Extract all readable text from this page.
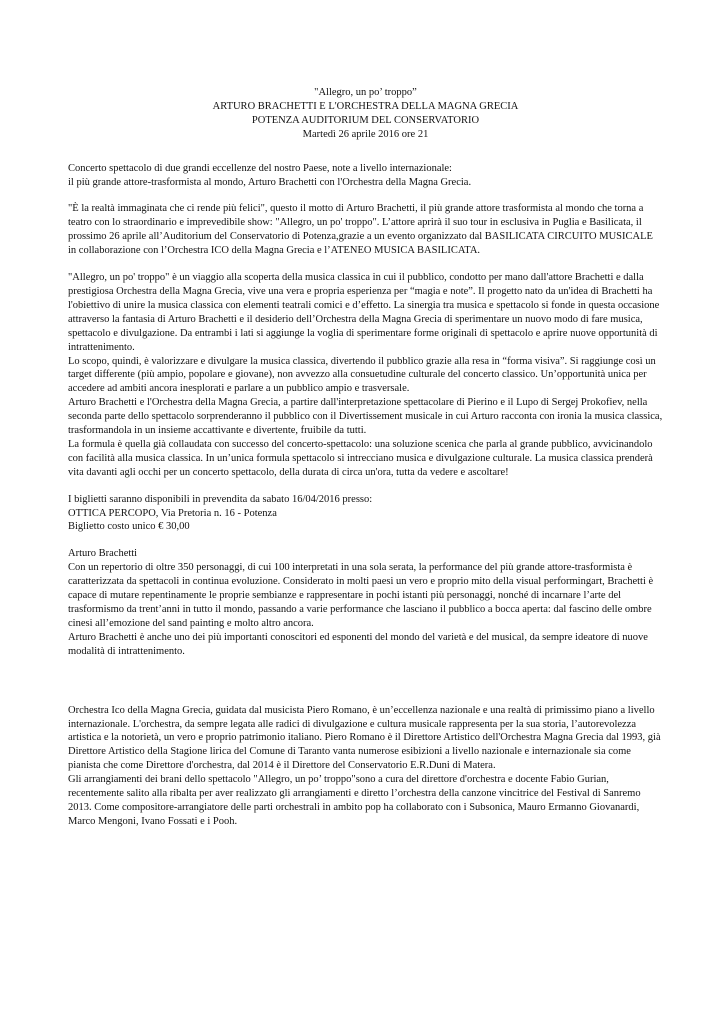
"Allegro, un po’ troppo”
ARTURO BRACHETTI E L'ORCHESTRA DELLA MAGNA GRECIA
POTENZA AUDITORIUM DEL CONSERVATORIO
Martedì 26 aprile 2016 ore 21
Concerto spettacolo di due grandi eccellenze del nostro Paese, note a livello internazionale:
il più grande attore-trasformista al mondo, Arturo Brachetti con l'Orchestra della Magna Grecia.
"È la realtà immaginata che ci rende più felici", questo il motto di Arturo Brachetti, il più grande attore trasformista al mondo che torna a
teatro con lo straordinario e imprevedibile show: "Allegro, un po' troppo". L’attore aprirà il suo tour in esclusiva in Puglia e Basilicata, il
prossimo 26 aprile all’Auditorium del Conservatorio di Potenza,grazie a un evento organizzato dal BASILICATA CIRCUITO MUSICALE
in collaborazione con l’Orchestra ICO della Magna Grecia e l’ATENEO MUSICA BASILICATA.
"Allegro, un po' troppo" è un viaggio alla scoperta della musica classica in cui il pubblico, condotto per mano dall'attore Brachetti e dalla
prestigiosa Orchestra della Magna Grecia, vive una vera e propria esperienza per “magia e note”. Il progetto nato da un'idea di Brachetti ha
l'obiettivo di unire la musica classica con elementi teatrali comici e d’effetto. La sinergia tra musica e spettacolo si fonde in questa occasione
attraverso la fantasia di Arturo Brachetti e il desiderio dell’Orchestra della Magna Grecia di sperimentare un nuovo modo di fare musica,
spettacolo e divulgazione. Da entrambi i lati si aggiunge la voglia di sperimentare forme originali di spettacolo e aprire nuove opportunità di
intrattenimento.
Lo scopo, quindi, è valorizzare e divulgare la musica classica, divertendo il pubblico grazie alla resa in “forma visiva”. Si raggiunge così un
target differente (più ampio, popolare e giovane), non avvezzo alla consuetudine culturale del concerto classico. Un’opportunità unica per
accedere ad ambiti ancora inesplorati e parlare a un pubblico ampio e trasversale.
Arturo Brachetti e l'Orchestra della Magna Grecia, a partire dall'interpretazione spettacolare di Pierino e il Lupo di Sergej Prokofiev, nella
seconda parte dello spettacolo sorprenderanno il pubblico con il Divertissement musicale in cui Arturo racconta con ironia la musica classica,
trasformandola in un insieme accattivante e divertente, fruibile da tutti.
La formula è quella già collaudata con successo del concerto-spettacolo: una soluzione scenica che parla al grande pubblico, avvicinandolo
con facilità alla musica classica. In un’unica formula spettacolo si intrecciano musica e divulgazione culturale. La musica classica prenderà
vita davanti agli occhi per un concerto spettacolo, della durata di circa un'ora, tutta da vedere e ascoltare!
I biglietti saranno disponibili in prevendita da sabato 16/04/2016 presso:
OTTICA PERCOPO, Via Pretoria n. 16 - Potenza
Biglietto costo unico € 30,00
Arturo Brachetti
Con un repertorio di oltre 350 personaggi, di cui 100 interpretati in una sola serata, la performance del più grande attore-trasformista è
caratterizzata da spettacoli in continua evoluzione. Considerato in molti paesi un vero e proprio mito della visual performingart, Brachetti è
capace di mutare repentinamente le proprie sembianze e rappresentare in pochi istanti più personaggi, nonché di incarnare l’arte del
trasformismo da trent’anni in tutto il mondo, passando a varie performance che lasciano il pubblico a bocca aperta: dal fascino delle ombre
cinesi all’emozione del sand painting e molto altro ancora.
Arturo Brachetti è anche uno dei più importanti conoscitori ed esponenti del mondo del varietà e del musical, da sempre ideatore di nuove
modalità di intrattenimento.
Orchestra Ico della Magna Grecia, guidata dal musicista Piero Romano, è un’eccellenza nazionale e una realtà di primissimo piano a livello
internazionale. L'orchestra, da sempre legata alle radici di divulgazione e cultura musicale rappresenta per la sua storia, l’autorevolezza
artistica e la notorietà, un vero e proprio patrimonio italiano. Piero Romano è il Direttore Artistico dell'Orchestra Magna Grecia dal 1993, già
Direttore Artistico della Stagione lirica del Comune di Taranto vanta numerose esibizioni a livello nazionale e internazionale sia come
pianista che come Direttore d'orchestra, dal 2014 è il Direttore del Conservatorio E.R.Duni di Matera.
Gli arrangiamenti dei brani dello spettacolo "Allegro, un po’ troppo"sono a cura del direttore d'orchestra e docente Fabio Gurian,
recentemente salito alla ribalta per aver realizzato gli arrangiamenti e diretto l’orchestra della canzone vincitrice del Festival di Sanremo
2013. Come compositore-arrangiatore delle parti orchestrali in ambito pop ha collaborato con i Subsonica, Mauro Ermanno Giovanardi,
Marco Mengoni, Ivano Fossati e i Pooh.
